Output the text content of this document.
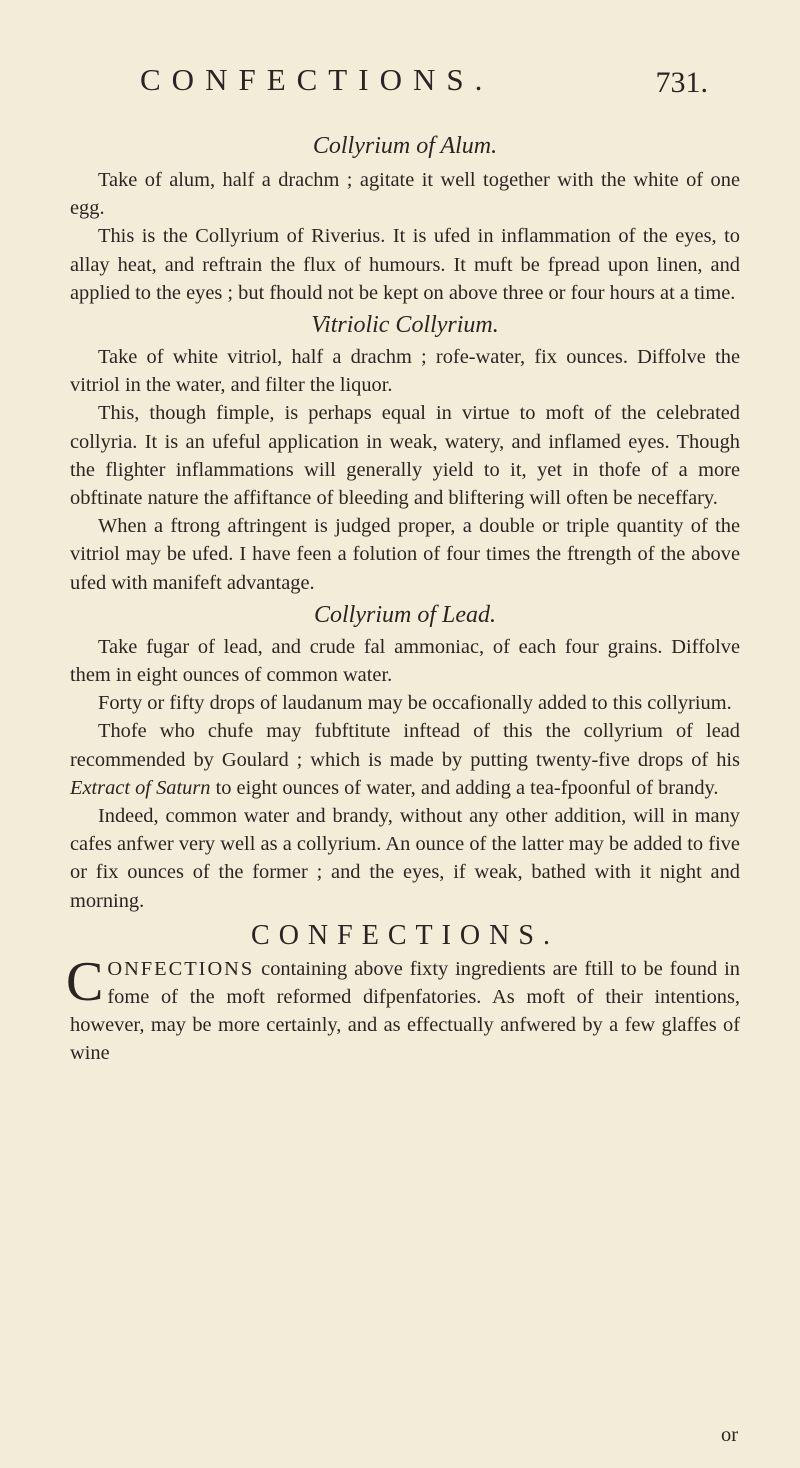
CONFECTIONS.	731.

Collyrium of Alum.

Take of alum, half a drachm ; agitate it well together with the white of one egg.

This is the Collyrium of Riverius. It is ufed in inflammation of the eyes, to allay heat, and reftrain the flux of humours. It muft be fpread upon linen, and applied to the eyes ; but fhould not be kept on above three or four hours at a time.

Vitriolic Collyrium.

Take of white vitriol, half a drachm ; rofe-water, fix ounces. Diffolve the vitriol in the water, and filter the liquor.

This, though fimple, is perhaps equal in virtue to moft of the celebrated collyria. It is an ufeful application in weak, watery, and inflamed eyes. Though the flighter inflammations will generally yield to it, yet in thofe of a more obftinate nature the affiftance of bleeding and bliftering will often be neceffary.

When a ftrong aftringent is judged proper, a double or triple quantity of the vitriol may be ufed. I have feen a folution of four times the ftrength of the above ufed with manifeft advantage.

Collyrium of Lead.

Take fugar of lead, and crude fal ammoniac, of each four grains. Diffolve them in eight ounces of common water.

Forty or fifty drops of laudanum may be occafionally added to this collyrium.

Thofe who chufe may fubftitute inftead of this the collyrium of lead recommended by Goulard ; which is made by putting twenty-five drops of his Extract of Saturn to eight ounces of water, and adding a tea-fpoonful of brandy.

Indeed, common water and brandy, without any other addition, will in many cafes anfwer very well as a collyrium. An ounce of the latter may be added to five or fix ounces of the former ; and the eyes, if weak, bathed with it night and morning.

CONFECTIONS.

CONFECTIONS containing above fixty ingredients are ftill to be found in fome of the moft reformed difpenfatories. As moft of their intentions, however, may be more certainly, and as effectually anfwered by a few glaffes of wine

or
